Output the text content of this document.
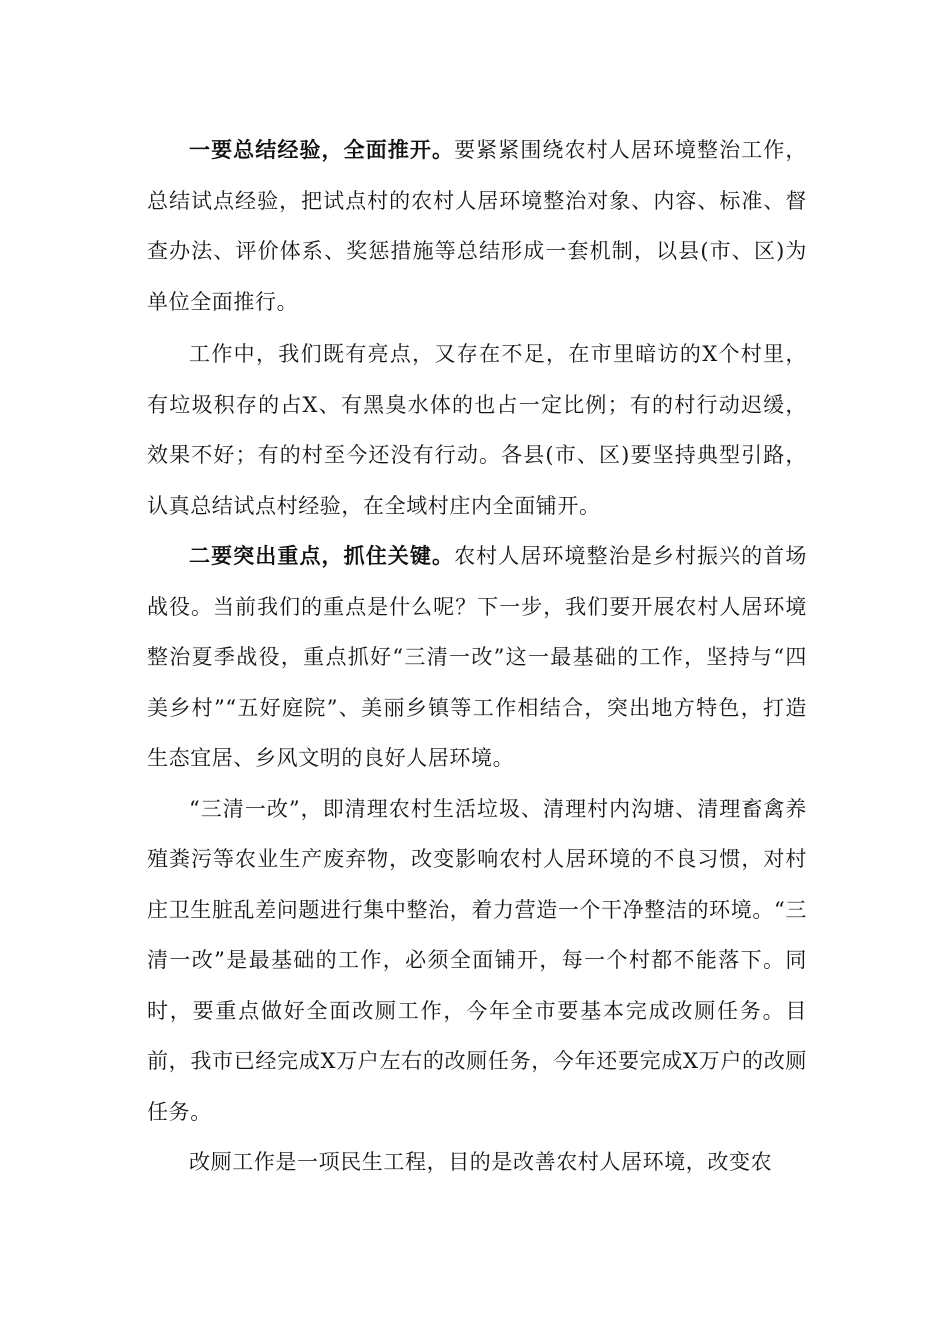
一要总结经验，全面推开。要紧紧围绕农村人居环境整治工作，总结试点经验，把试点村的农村人居环境整治对象、内容、标准、督查办法、评价体系、奖惩措施等总结形成一套机制，以县(市、区)为单位全面推行。

工作中，我们既有亮点，又存在不足，在市里暗访的X个村里，有垃圾积存的占X、有黑臭水体的也占一定比例；有的村行动迟缓，效果不好；有的村至今还没有行动。各县(市、区)要坚持典型引路，认真总结试点村经验，在全域村庄内全面铺开。

二要突出重点，抓住关键。农村人居环境整治是乡村振兴的首场战役。当前我们的重点是什么呢？下一步，我们要开展农村人居环境整治夏季战役，重点抓好“三清一改”这一最基础的工作，坚持与“四美乡村”“五好庭院”、美丽乡镇等工作相结合，突出地方特色，打造生态宜居、乡风文明的良好人居环境。

“三清一改”，即清理农村生活垃圾、清理村内沟塘、清理畜禽养殖粪污等农业生产废弃物，改变影响农村人居环境的不良习惯，对村庄卫生脏乱差问题进行集中整治，着力营造一个干净整洁的环境。“三清一改”是最基础的工作，必须全面铺开，每一个村都不能落下。同时，要重点做好全面改厕工作，今年全市要基本完成改厕任务。目前，我市已经完成X万户左右的改厕任务，今年还要完成X万户的改厕任务。

改厕工作是一项民生工程，目的是改善农村人居环境，改变农
